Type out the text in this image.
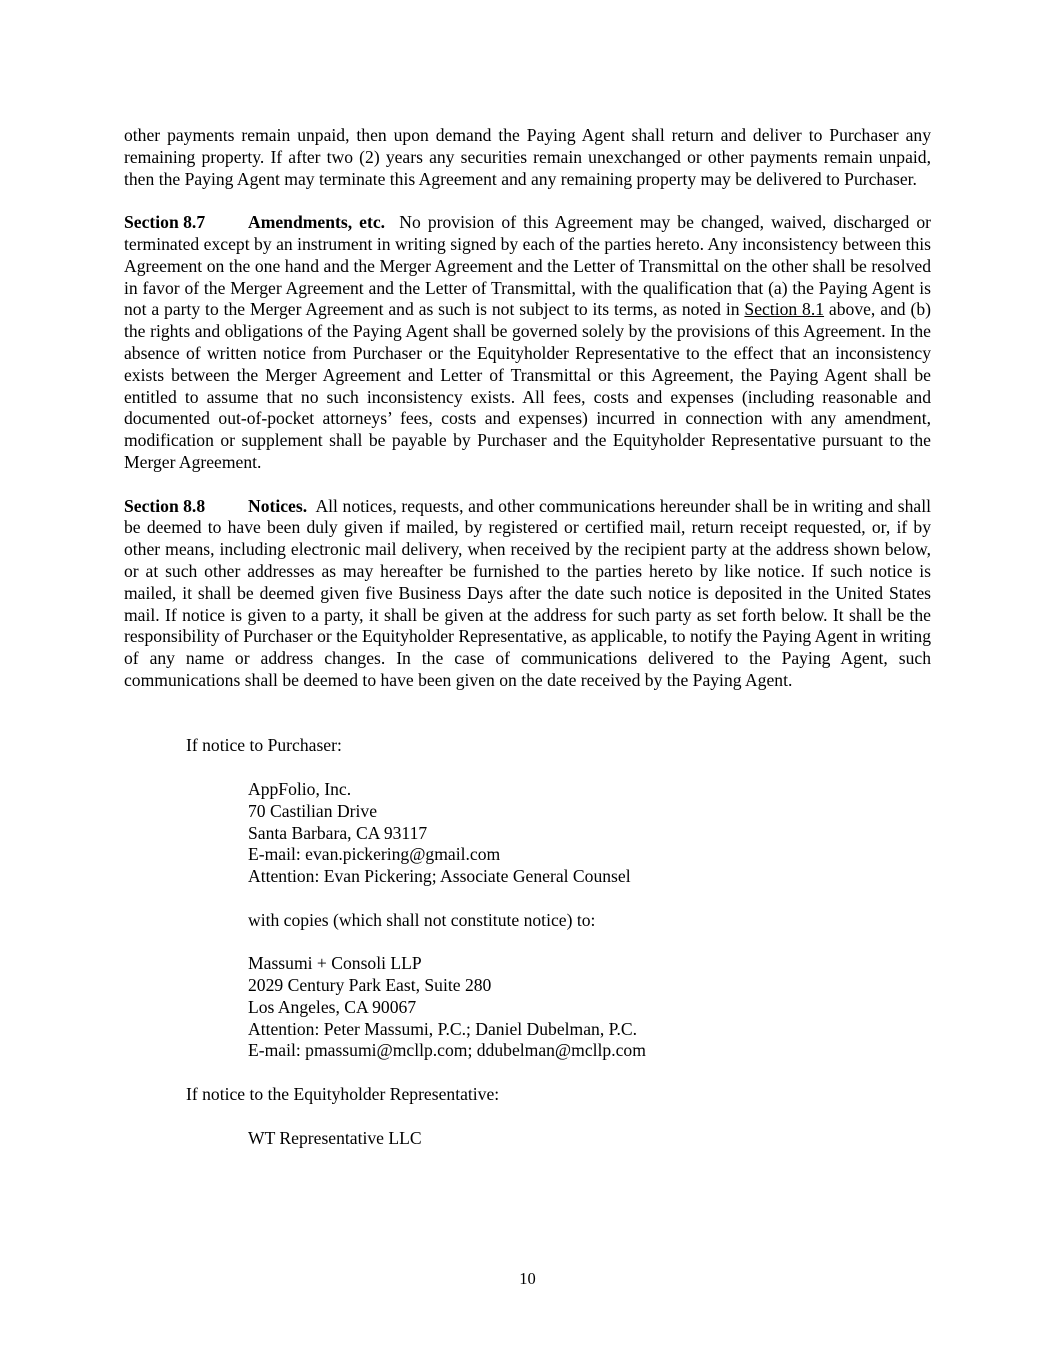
other payments remain unpaid, then upon demand the Paying Agent shall return and deliver to Purchaser any remaining property. If after two (2) years any securities remain unexchanged or other payments remain unpaid, then the Paying Agent may terminate this Agreement and any remaining property may be delivered to Purchaser.

Section 8.7 Amendments, etc. No provision of this Agreement may be changed, waived, discharged or terminated except by an instrument in writing signed by each of the parties hereto. Any inconsistency between this Agreement on the one hand and the Merger Agreement and the Letter of Transmittal on the other shall be resolved in favor of the Merger Agreement and the Letter of Transmittal, with the qualification that (a) the Paying Agent is not a party to the Merger Agreement and as such is not subject to its terms, as noted in Section 8.1 above, and (b) the rights and obligations of the Paying Agent shall be governed solely by the provisions of this Agreement. In the absence of written notice from Purchaser or the Equityholder Representative to the effect that an inconsistency exists between the Merger Agreement and Letter of Transmittal or this Agreement, the Paying Agent shall be entitled to assume that no such inconsistency exists. All fees, costs and expenses (including reasonable and documented out-of-pocket attorneys’ fees, costs and expenses) incurred in connection with any amendment, modification or supplement shall be payable by Purchaser and the Equityholder Representative pursuant to the Merger Agreement.

Section 8.8 Notices. All notices, requests, and other communications hereunder shall be in writing and shall be deemed to have been duly given if mailed, by registered or certified mail, return receipt requested, or, if by other means, including electronic mail delivery, when received by the recipient party at the address shown below, or at such other addresses as may hereafter be furnished to the parties hereto by like notice. If such notice is mailed, it shall be deemed given five Business Days after the date such notice is deposited in the United States mail. If notice is given to a party, it shall be given at the address for such party as set forth below. It shall be the responsibility of Purchaser or the Equityholder Representative, as applicable, to notify the Paying Agent in writing of any name or address changes. In the case of communications delivered to the Paying Agent, such communications shall be deemed to have been given on the date received by the Paying Agent.

If notice to Purchaser:

AppFolio, Inc.
70 Castilian Drive
Santa Barbara, CA 93117
E-mail: evan.pickering@gmail.com
Attention: Evan Pickering; Associate General Counsel

with copies (which shall not constitute notice) to:

Massumi + Consoli LLP
2029 Century Park East, Suite 280
Los Angeles, CA 90067
Attention: Peter Massumi, P.C.; Daniel Dubelman, P.C.
E-mail: pmassumi@mcllp.com; ddubelman@mcllp.com

If notice to the Equityholder Representative:

WT Representative LLC
10
